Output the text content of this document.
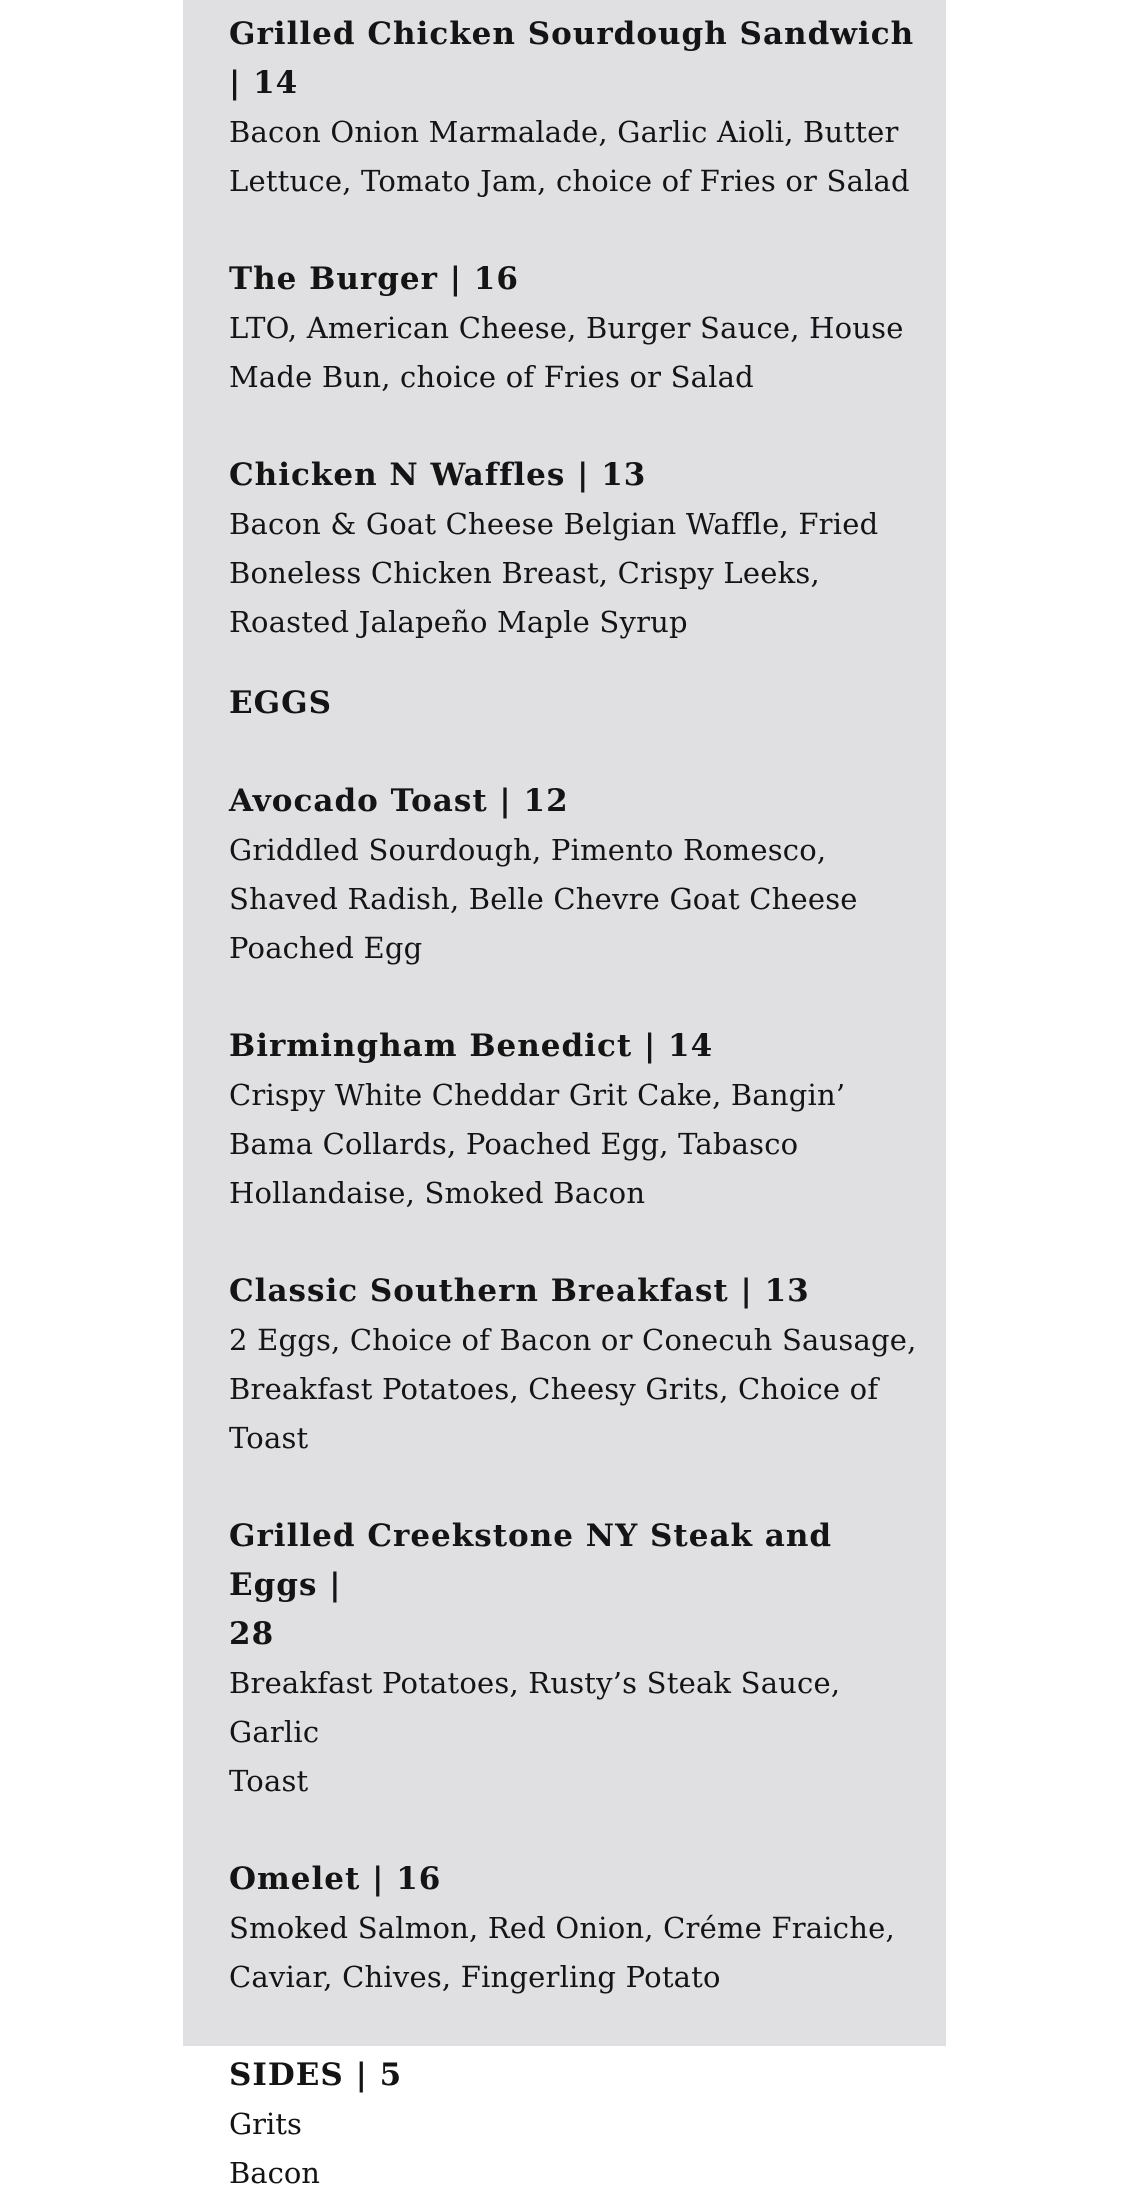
Grilled Chicken Sourdough Sandwich | 14

Bacon Onion Marmalade, Garlic Aioli, Butter

Lettuce, Tomato Jam, choice of Fries or Salad

The Burger | 16

LTO, American Cheese, Burger Sauce, House

Made Bun, choice of Fries or Salad

Chicken N Waffles | 13

Bacon & Goat Cheese Belgian Waffle, Fried

Boneless Chicken Breast, Crispy Leeks,

Roasted Jalapeño Maple Syrup

EGGS

Avocado Toast | 12

Griddled Sourdough, Pimento Romesco,

Shaved Radish, Belle Chevre Goat Cheese

Poached Egg

Birmingham Benedict | 14

Crispy White Cheddar Grit Cake, Bangin’

Bama Collards, Poached Egg, Tabasco

Hollandaise, Smoked Bacon

Classic Southern Breakfast | 13

2 Eggs, Choice of Bacon or Conecuh Sausage,

Breakfast Potatoes, Cheesy Grits, Choice of

Toast

Grilled Creekstone NY Steak and Eggs |

28

Breakfast Potatoes, Rusty’s Steak Sauce, Garlic

Toast

Omelet | 16

Smoked Salmon, Red Onion, Créme Fraiche,

Caviar, Chives, Fingerling Potato

SIDES | 5

Grits

Bacon
